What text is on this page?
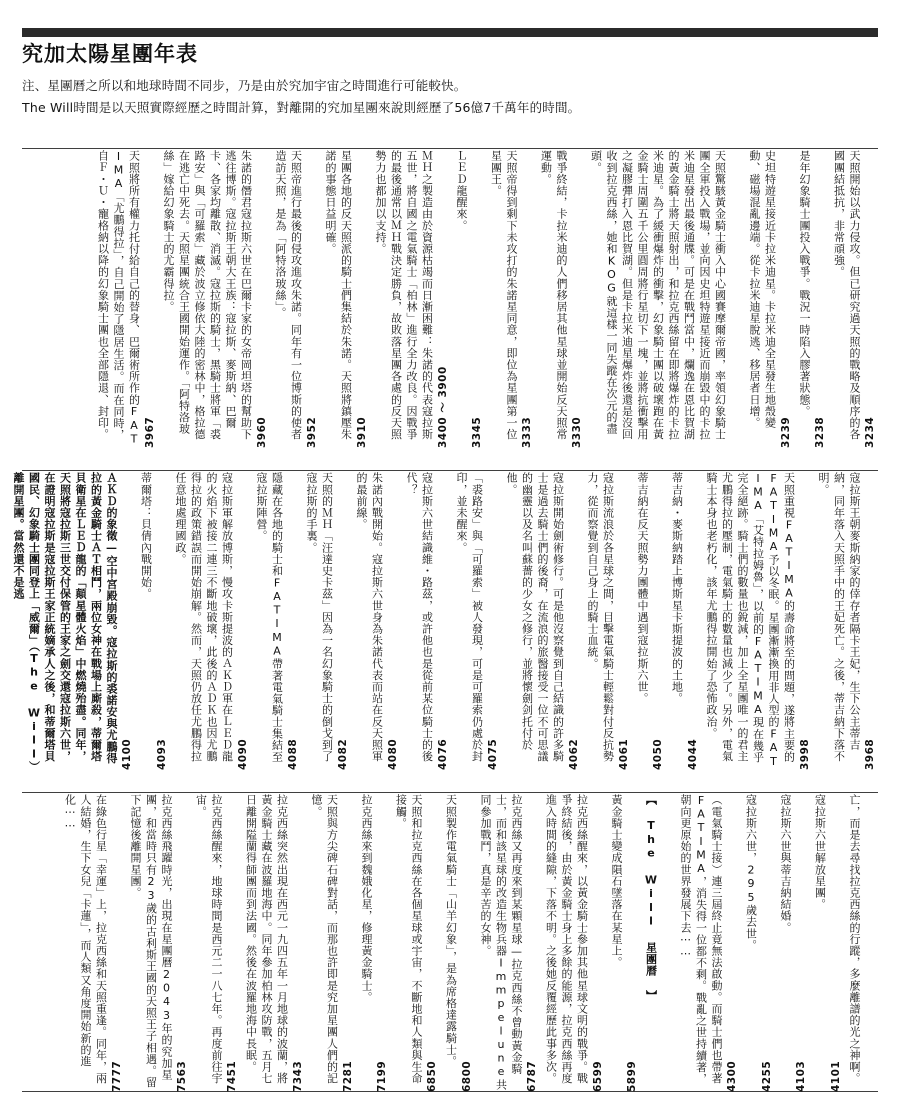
究加太陽星團年表

注、星團曆之所以和地球時間不同步，乃是由於究加宇宙之時間進行可能較快。

The Will時間是以天照實際經歷之時間計算，對離開的究加星團來說則經歷了56億7千萬年的時間。

3234
天照開始以武力侵攻。但已研究過天照的戰略及順序的各國團結抵抗，非常頑強。
3238
是年幻象騎士團投入戰爭。戰況一時陷入膠著狀態。
3239
史坦特遊星接近卡拉米迪星。卡拉米迪全星發生地殼變動、磁場混亂邊端。從卡拉米迪星脫逃、移居者日增。
天照驚駭黃金騎士衝入中心國賽摩爾帝國，率領幻象騎士團全軍投入戰場，並向因史坦特遊星接近而崩毀中的卡拉米迪星發出最後通牒。可是在戰鬥當中，爛逸在恩比賀湖的黃金騎士將天照射出，和拉克西絲留在即將爆炸的卡拉米迪星。為了緩衝爆炸的衝擊，幻象騎士團以破壞跑在黃金騎士周圍五千公里圓周將行星切下一塊，並將抗衝擊用之凝膠彈打入恩比賀湖。但是卡拉米迪星爆炸後還是沒回收到拉克西絲，她和KOG就這樣一同失蹤在次元的盡頭。
3330
戰爭終結，卡拉米迪的人們移居其他星球並開始反天照常運動。
3333
天照帝得到剩下未攻打的朱諾星同意，即位為星團第一位星團王。
3345
ＬＥＤ龍醒來。
3400 〜 3900
ＭＨ之製造由於資源枯竭而日漸困難：朱諾的代表寇拉斯五世，將自國之電氣騎士「柏林」進行全力改良。因戰爭的最後通常以ＭＨ戰決定勝負，故敗落星團各處的反天照勢力也都加以支持。
3910
星團各地的反天照派的騎士們集結於朱諾。天照將鎮壓朱諾的事態日益明確。
3952
天照帝進行最後的侵攻進攻朱諾。同年有一位博斯的使者造訪天照，是為「阿特洛玻絲」。
3960
朱諾的僭君寇拉斯六世在巴爾卡家的女帝岡坦塔的幫助下逃往博斯。寇拉斯王朝大王族：寇拉斯、麥斯納、巴爾卡、各家均離散、消滅。寇拉斯的騎士，黑騎士將軍「裘路安」與「可羅索」藏於波立修依大陸的密林中，格拉德在逃亡中死去。天照星團統合王國開始運作。「阿特洛玻絲」嫁給幻象騎士的尤霸得拉。
3967
天照將所有權力托付給自己的替身、巴爾術所作的FATIMA「尤鵬得拉」，自己開始了隱居生活。而在同時，自Ｆ・Ｕ・寵格納以降的幻象騎士團也全部隱退、封印。
3968
寇拉斯王朝麥斯納家的倖存者隔卡王妃，生下公主蒂吉納，同年落入天照手中的王妃死亡。之後，蒂吉納下落不明。
3998
天照重視FATIMA的壽命將至的問題，遂將主要的FATIMA予以冬眠。星團漸漸換用非人型的FATIMA「艾特拉姆魯」，以前的FATIMA現在幾乎完全絕跡。騎士們的數量也銳減，加上全星團唯一的君主尤鵬得拉的壓制，電氣騎士的數量也減少了。另外，電氣騎士本身也老朽化，該年尤鵬得拉開始了恐怖政治。
4044
蒂吉納・麥斯納踏上博斯星卡斯提波的土地。
4050
蒂吉納在反天照勢力團體中遇到寇拉斯六世。
4061
寇拉斯流浪於各星球之間，目擊電氣騎士輕鬆對付反抗勢力，從而察覺到自己身上的騎士血統。
4062
寇拉斯開始劍術修行。可是他沒察覺到自己結識的許多騎士是過去騎士們的後裔，在流浪的旅醫接受一位不可思議的幽靈以及名叫蘇薔的少女之修行，並將懷劍剑托付於他。
4075
「裘路安」與「可羅索」被人發現，可是可羅索仍處於封印，並未醒來。
4076
寇拉斯六世結識維・路茲，或許他也是從前某位騎士的後代？
4080
朱諾內戰開始。寇拉斯六世身為朱諾代表而站在反天照軍的最前線。
4082
天照的ＭＨ「汪達史卡茲」因為一名幻象騎士的倒戈到了寇拉斯的手裏。
4088
隱藏在各地的騎士和FATIMA帶著電氣騎士集結至寇拉斯陣營。
4090
寇拉斯軍解放博斯，慢攻卡斯提波的ＡＫＤ軍在ＬＥＤ龍的火焰下被接二連三不斷地破壞，此後的ＡＤＫ也因尤鵬得拉的政策錯誤而開始崩解。然而，天照仍放任尤鵬得拉任意地處理國政。
4093
蒂爾塔：貝倩內戰開始。
4100
ＡＫＤ的象徵—空中宮殿崩毀。寇拉斯的裘諾安與尤鵬得拉的黃金騎士ＡＴ相鬥，兩位女神在戰場上廝殺，蒂爾塔貝衛星在ＬＥＤ龍的「顛星體火焰」中燃燒殆盡。同年，天照將寇拉斯三世交付保管的王家之劍交還寇拉斯六世，在證明寇拉斯是寇拉斯王家正統嫡承人之後，和蒂爾塔貝國民、幻象騎士團同登上「威爾」（The Will）離開星團。當然還不是逃
亡，而是去尋找拉克西絲的行蹤，多麼離譜的光之神啊。
4101
寇拉斯六世解放星團。
4103
寇拉斯六世與蒂吉納結婚。
4255
寇拉斯六世，295歲去世。
4300
（電氣騎士接）連三屆終止竟無法啟動。而騎士們也帶著FATIMA，消失得一位都不剩。戰亂之世持續著，朝向更原始的世界發展下去⋯⋯
【 The Will 星團曆 】
5899
黃金騎士變成隕石墜落在某星上。
6599
拉克西絲醒來，以黃金騎士參加其他星球文明的戰爭。戰爭終結後，由於黃金騎士身上多餘的能源，拉克西絲再度進入時間的縫隙，下落不明。之後她反覆經歷此事多次。
6787
拉克西絲又再度來到某顆星球—拉克西絲不曾動黃金騎士，而和該星球的改造生物兵器Immpelune共同參加戰鬥，真是辛苦的女神。
6800
天照製作電氣騎士「山羊幻象」，是為席格達露騎士。
6850
天照和拉克西絲在各個星球或宇宙，不斷地和人類與生命接觸。
7199
拉克西絲來到魏娥化星，修理黃金騎士。
7281
天照與方尖碑石碑對話，而那也許即是究加星團人們的記憶。
7343
拉克西絲突然出現在西元一九四五年一月地球的波蘭，將黃金騎士藏在波羅地海中。同年參加柏林攻防戰，五月七日離開隘蘭得師團而到法國。然後在波羅地海中長眠。
7451
拉克西絲醒來，地球時間是西元二一八七年。再度前往宇宙。
7563
拉克西絲飛躍時光，出現在星團曆2043年的究加星團，和當時只有23歲的古利斯王國的天照王子相遇。留下記憶後離開星團。
7777
在綠色行星「幸運」上，拉克西絲和天照重逢。同年，兩人結婚，生下女兒「卡蓮」，而人類又角度開始新的進化⋯⋯
